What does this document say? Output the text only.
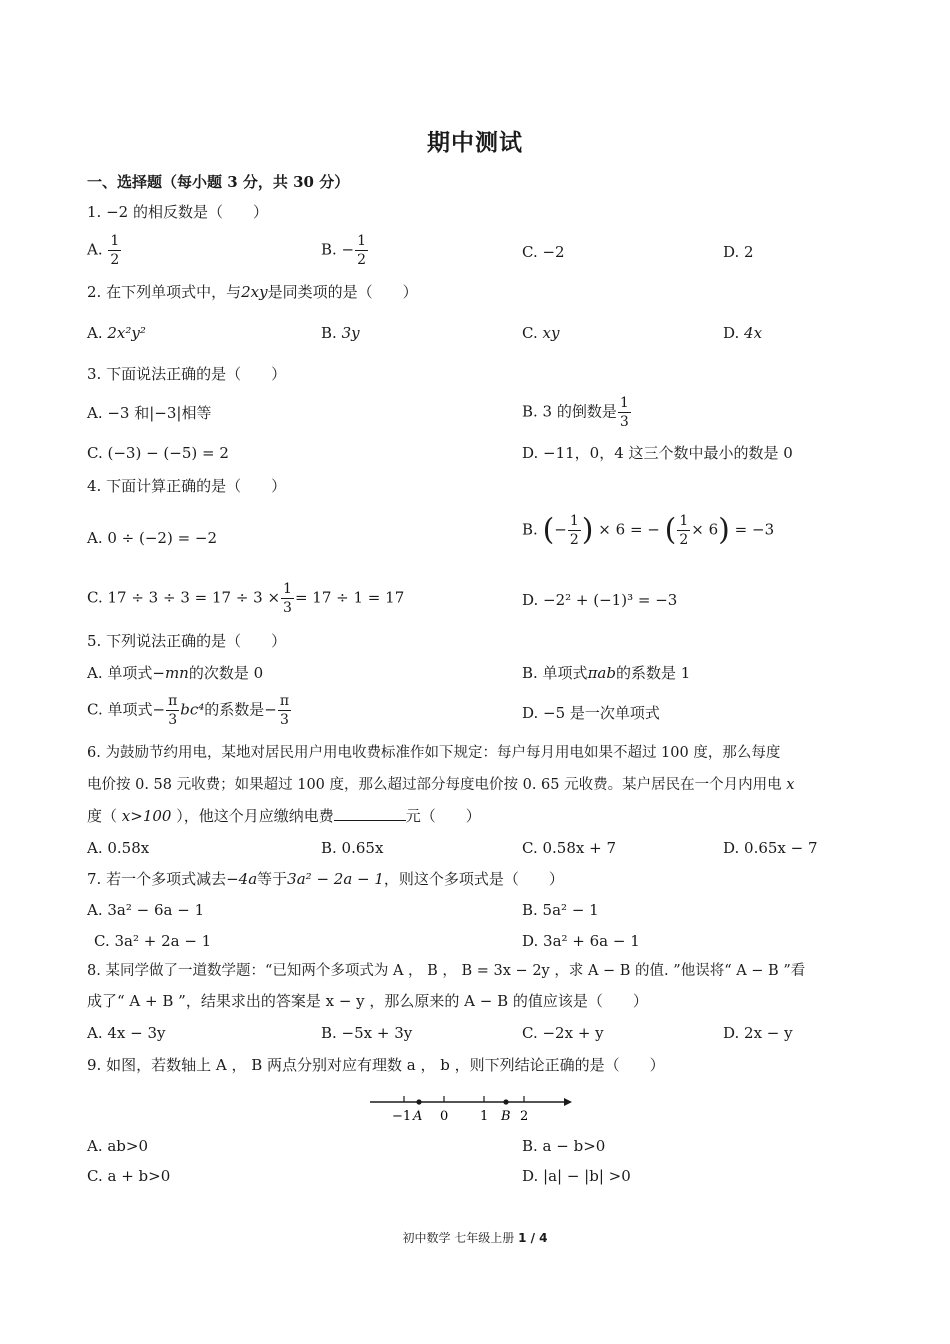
期中测试
一、选择题（每小题 3 分，共 30 分）
1. −2 的相反数是（　　）
A. $\frac{1}{2}$	B. − $\frac{1}{2}$	C. −2	D. 2
2. 在下列单项式中，与2xy是同类项的是（　　）
A. 2x²y²	B. 3y	C. xy	D. 4x
3. 下面说法正确的是（　　）
A. −3 和|−3|相等	B. 3 的倒数是 $\frac{1}{3}$
C. (−3) − (−5) = 2	D. −11，0，4 这三个数中最小的数是 0
4. 下面计算正确的是（　　）
A. 0 ÷ (−2) = −2	B. (− $\frac{1}{2}$ ) × 6 = − ( $\frac{1}{2} \times 6) = -3$
C. $17 \div 3 \div 3 = 17 \div 3 \times \frac{1}{3} = 17 \div 1 = 17$	D. −2² + (−1)³ = −3
5. 下列说法正确的是（　　）
A. 单项式−mn的次数是 0	B. 单项式πab的系数是 1
C. 单项式− $\frac{\pi}{3} bc^4$的系数是− $\frac{\pi}{3}$	D. −5 是一次单项式
6. 为鼓励节约用电，某地对居民用户用电收费标准作如下规定：每户每月用电如果不超过 100 度，那么每度
电价按 0. 58 元收费；如果超过 100 度，那么超过部分每度电价按 0. 65 元收费。某户居民在一个月内用电 x
度（ x>100 ），他这个月应缴纳电费	元（　　）
A. 0.58x	B. 0.65x	C. 0.58x + 7	D. 0.65x − 7
7. 若一个多项式减去−4a等于3a² − 2a − 1，则这个多项式是（　　）
A. 3a² − 6a − 1	B. 5a² − 1
C. 3a² + 2a − 1	D. 3a² + 6a − 1
8. 某同学做了一道数学题：“已知两个多项式为 A ， B ， B = 3x − 2y ，求 A − B 的值. ”他误将“ A − B ”看
成了“ A + B ”，结果求出的答案是 x − y ，那么原来的 A − B 的值应该是（　　）
A. 4x − 3y	B. −5x + 3y	C. −2x + y	D. 2x − y
9. 如图，若数轴上 A ， B 两点分别对应有理数 a ， b ，则下列结论正确的是（　　）
−1 A 0 1 B 2
A. ab>0	B. a − b>0
C. a + b>0	D. |a| − |b| >0
初中数学 七年级上册 1 / 4
